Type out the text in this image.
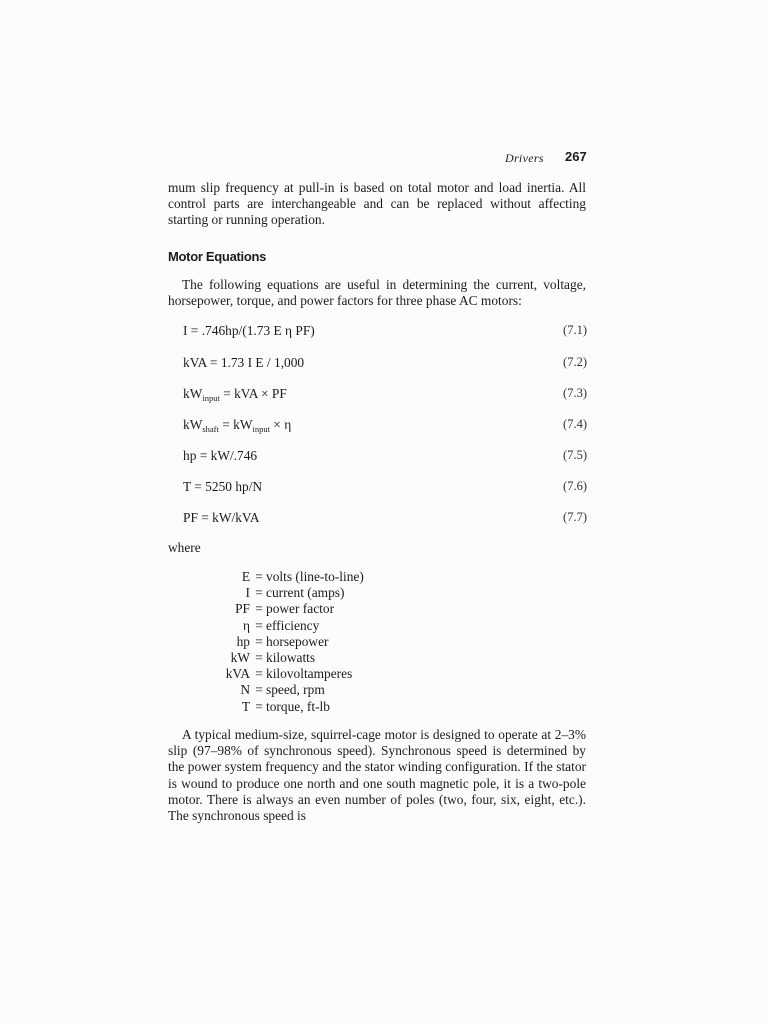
Drivers 267
mum slip frequency at pull-in is based on total motor and load inertia. All control parts are interchangeable and can be replaced without affecting starting or running operation.
Motor Equations
The following equations are useful in determining the current, voltage, horsepower, torque, and power factors for three phase AC motors:
I = .746hp/(1.73 E η PF)	(7.1)
kVA = 1.73 I E / 1,000	(7.2)
$kW_{input}$ = kVA × PF	(7.3)
$kW_{shaft} = kW_{input} \times \eta$	(7.4)
hp = kW/.746	(7.5)
T = 5250 hp/N	(7.6)
PF = kW/kVA	(7.7)
where
E = volts (line-to-line)
I = current (amps)
PF = power factor
η = efficiency
hp = horsepower
kW = kilowatts
kVA = kilovoltamperes
N = speed, rpm
T = torque, ft-lb
A typical medium-size, squirrel-cage motor is designed to operate at 2–3% slip (97–98% of synchronous speed). Synchronous speed is determined by the power system frequency and the stator winding configuration. If the stator is wound to produce one north and one south magnetic pole, it is a two-pole motor. There is always an even number of poles (two, four, six, eight, etc.). The synchronous speed is
